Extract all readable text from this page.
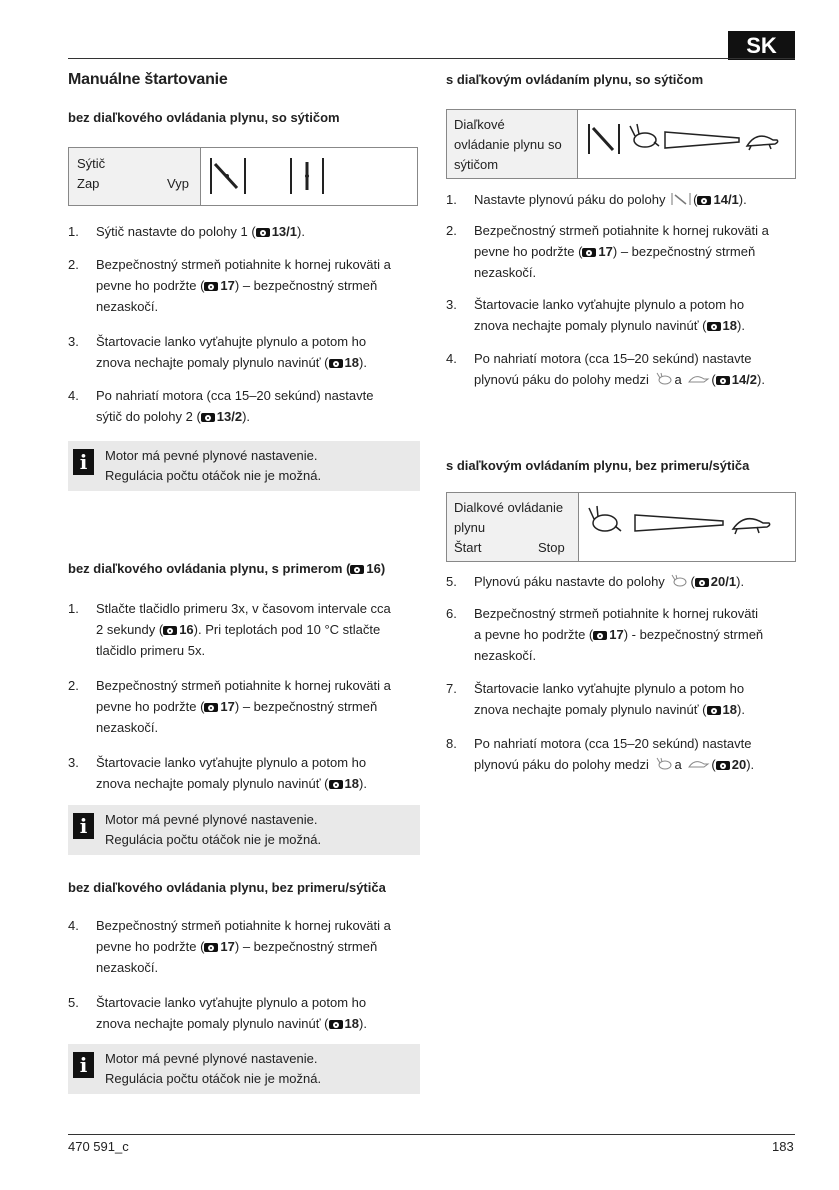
SK
Manuálne štartovanie
bez diaľkového ovládania plynu, so sýtičom
Sýtič
Zap	Vyp
1. Sýtič nastavte do polohy 1 ( 13/1).
2. Bezpečnostný strmeň potiahnite k hornej rukoväti a
pevne ho podržte ( 17) – bezpečnostný strmeň
nezaskočí.
3. Štartovacie lanko vyťahujte plynulo a potom ho
znova nechajte pomaly plynulo navinúť ( 18).
4. Po nahriatí motora (cca 15–20 sekúnd) nastavte
sýtič do polohy 2 ( 13/2).
i	Motor má pevné plynové nastavenie.
Regulácia počtu otáčok nie je možná.
bez diaľkového ovládania plynu, s primerom ( 16)
1. Stlačte tlačidlo primeru 3x, v časovom intervale cca
2 sekundy ( 16). Pri teplotách pod 10 °C stlačte
tlačidlo primeru 5x.
2. Bezpečnostný strmeň potiahnite k hornej rukoväti a
pevne ho podržte ( 17) – bezpečnostný strmeň
nezaskočí.
3. Štartovacie lanko vyťahujte plynulo a potom ho
znova nechajte pomaly plynulo navinúť ( 18).
i	Motor má pevné plynové nastavenie.
Regulácia počtu otáčok nie je možná.
bez diaľkového ovládania plynu, bez primeru/sýtiča
4. Bezpečnostný strmeň potiahnite k hornej rukoväti a
pevne ho podržte ( 17) – bezpečnostný strmeň
nezaskočí.
5. Štartovacie lanko vyťahujte plynulo a potom ho
znova nechajte pomaly plynulo navinúť ( 18).
i	Motor má pevné plynové nastavenie.
Regulácia počtu otáčok nie je možná.
s diaľkovým ovládaním plynu, so sýtičom
Diaľkové
ovládanie plynu so
sýtičom
1. Nastavte plynovú páku do polohy ( 14/1).
2. Bezpečnostný strmeň potiahnite k hornej rukoväti a
pevne ho podržte ( 17) – bezpečnostný strmeň
nezaskočí.
3. Štartovacie lanko vyťahujte plynulo a potom ho
znova nechajte pomaly plynulo navinúť ( 18).
4. Po nahriatí motora (cca 15–20 sekúnd) nastavte
plynovú páku do polohy medzi a ( 14/2).
s diaľkovým ovládaním plynu, bez primeru/sýtiča
Dialkové ovládanie
plynu
Štart	Stop
5. Plynovú páku nastavte do polohy ( 20/1).
6. Bezpečnostný strmeň potiahnite k hornej rukoväti
a pevne ho podržte ( 17) - bezpečnostný strmeň
nezaskočí.
7. Štartovacie lanko vyťahujte plynulo a potom ho
znova nechajte pomaly plynulo navinúť ( 18).
8. Po nahriatí motora (cca 15–20 sekúnd) nastavte
plynovú páku do polohy medzi a ( 20).
470 591_c	183
